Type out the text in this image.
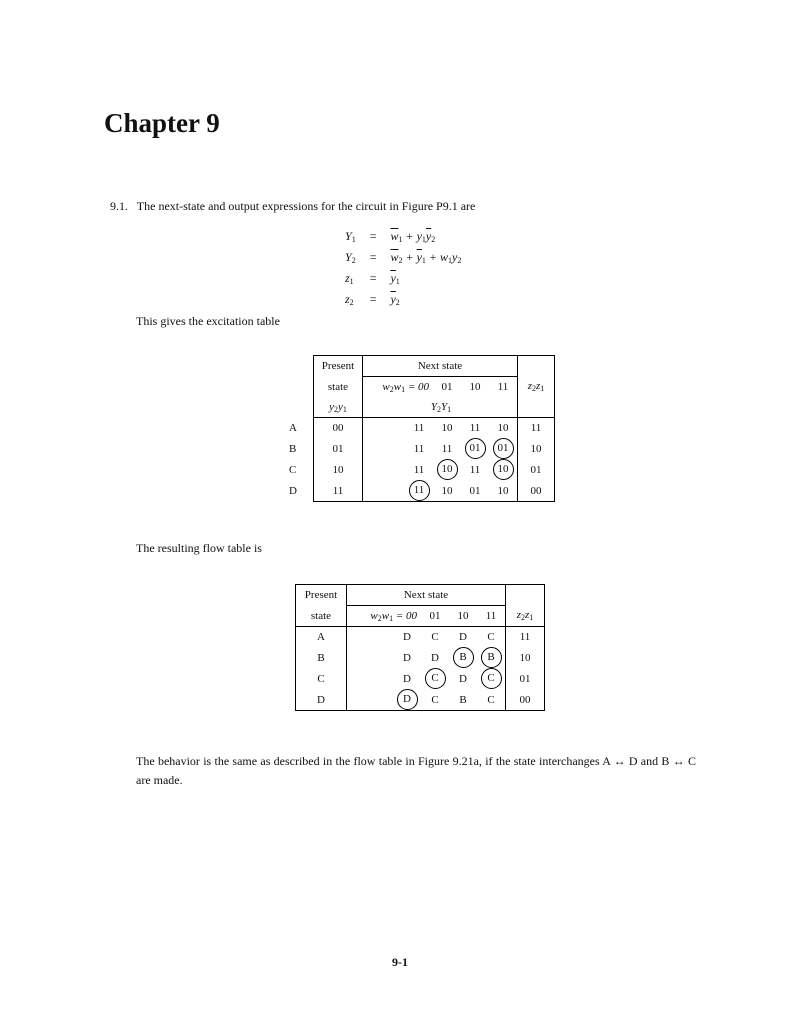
Chapter 9
9.1. The next-state and output expressions for the circuit in Figure P9.1 are
$Y_1$	=	$\overline{w}_1 + y_1\overline{y}_2$
$Y_2$	=	$\overline{w}_2 + \overline{y}_1 + w_1y_2$
$z_1$	=	$\overline{y}_1$
$z_2$	=	$\overline{y}_2$
This gives the excitation table
	Present	Next state					
	state	$w_2w_1 = 00$		01	10	11	$z_2z_1$
	$y_2y_1$		$Y_2Y_1$	
A	00		11	10	11	10	11
B	01		11	11	01	01	10
C	10		11	10	11	10	01
D	11		11	10	01	10	00
The resulting flow table is
Present	Next state					
state	$w_2w_1 = 00$		01	10	11	$z_2z_1$
A		D	C	D	C	11
B		D	D	B	B	10
C		D	C	D	C	01
D		D	C	B	C	00
The behavior is the same as described in the flow table in Figure 9.21a, if the state interchanges A ↔ D and B ↔ C are made.
9-1
